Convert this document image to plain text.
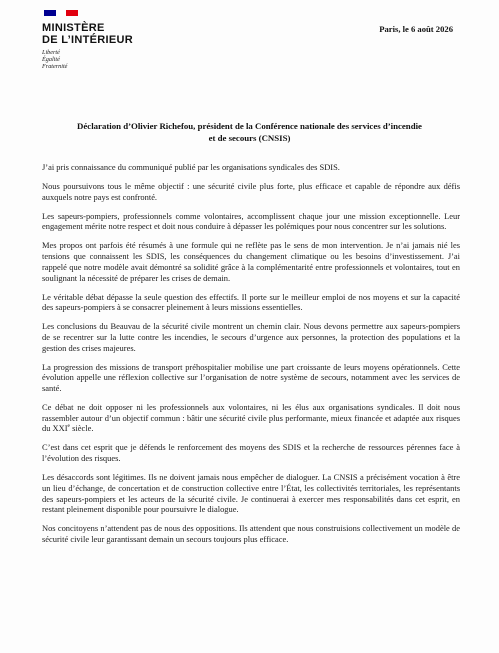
MINISTÈRE
DE L’INTÉRIEUR
Liberté
Égalité
Fraternité
Paris, le 6 août 2026
Déclaration d’Olivier Richefou, président de la Conférence nationale des services d’incendie
et de secours (CNSIS)

J’ai pris connaissance du communiqué publié par les organisations syndicales des SDIS.

Nous poursuivons tous le même objectif : une sécurité civile plus forte, plus efficace et capable de répondre aux défis auxquels notre pays est confronté.

Les sapeurs-pompiers, professionnels comme volontaires, accomplissent chaque jour une mission exceptionnelle. Leur engagement mérite notre respect et doit nous conduire à dépasser les polémiques pour nous concentrer sur les solutions.

Mes propos ont parfois été résumés à une formule qui ne reflète pas le sens de mon intervention. Je n’ai jamais nié les tensions que connaissent les SDIS, les conséquences du changement climatique ou les besoins d’investissement. J’ai rappelé que notre modèle avait démontré sa solidité grâce à la complémentarité entre professionnels et volontaires, tout en soulignant la nécessité de préparer les crises de demain.

Le véritable débat dépasse la seule question des effectifs. Il porte sur le meilleur emploi de nos moyens et sur la capacité des sapeurs-pompiers à se consacrer pleinement à leurs missions essentielles.

Les conclusions du Beauvau de la sécurité civile montrent un chemin clair. Nous devons permettre aux sapeurs-pompiers de se recentrer sur la lutte contre les incendies, le secours d’urgence aux personnes, la protection des populations et la gestion des crises majeures.

La progression des missions de transport préhospitalier mobilise une part croissante de leurs moyens opérationnels. Cette évolution appelle une réflexion collective sur l’organisation de notre système de secours, notamment avec les services de santé.

Ce débat ne doit opposer ni les professionnels aux volontaires, ni les élus aux organisations syndicales. Il doit nous rassembler autour d’un objectif commun : bâtir une sécurité civile plus performante, mieux financée et adaptée aux risques du XXIe siècle.

C’est dans cet esprit que je défends le renforcement des moyens des SDIS et la recherche de ressources pérennes face à l’évolution des risques.

Les désaccords sont légitimes. Ils ne doivent jamais nous empêcher de dialoguer. La CNSIS a précisément vocation à être un lieu d’échange, de concertation et de construction collective entre l’État, les collectivités territoriales, les représentants des sapeurs-pompiers et les acteurs de la sécurité civile. Je continuerai à exercer mes responsabilités dans cet esprit, en restant pleinement disponible pour poursuivre le dialogue.

Nos concitoyens n’attendent pas de nous des oppositions. Ils attendent que nous construisions collectivement un modèle de sécurité civile leur garantissant demain un secours toujours plus efficace.
